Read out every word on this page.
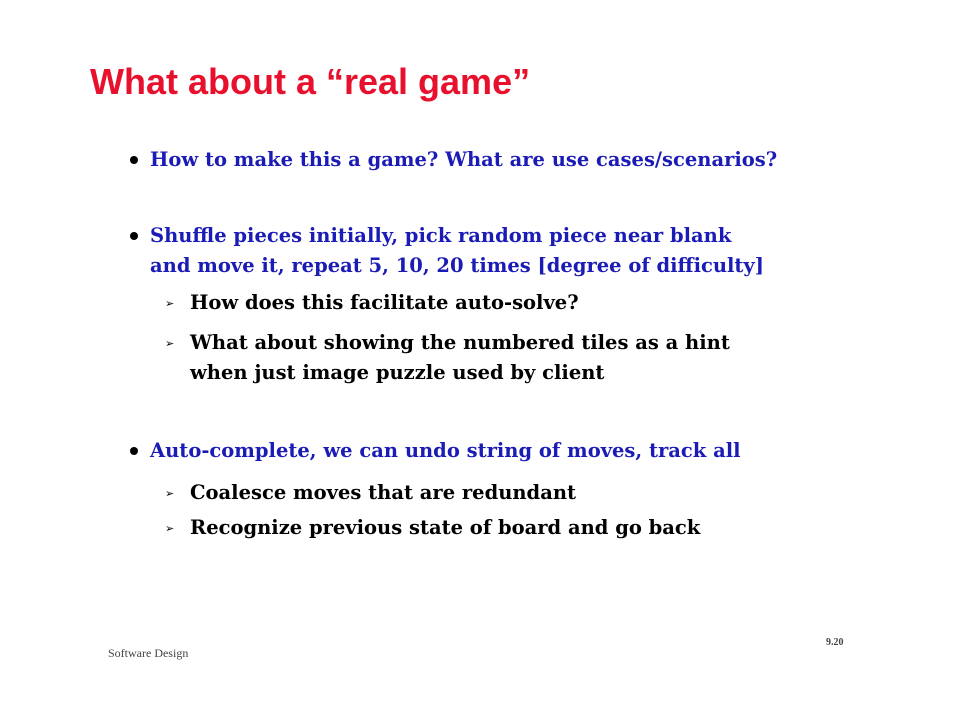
What about a “real game”
How to make this a game? What are use cases/scenarios?
Shuffle pieces initially, pick random piece near blank
and move it, repeat 5, 10, 20 times [degree of difficulty]
➢ How does this facilitate auto-solve?
➢ What about showing the numbered tiles as a hint
when just image puzzle used by client
Auto-complete, we can undo string of moves, track all
➢ Coalesce moves that are redundant
➢ Recognize previous state of board and go back
Software Design
9.20
